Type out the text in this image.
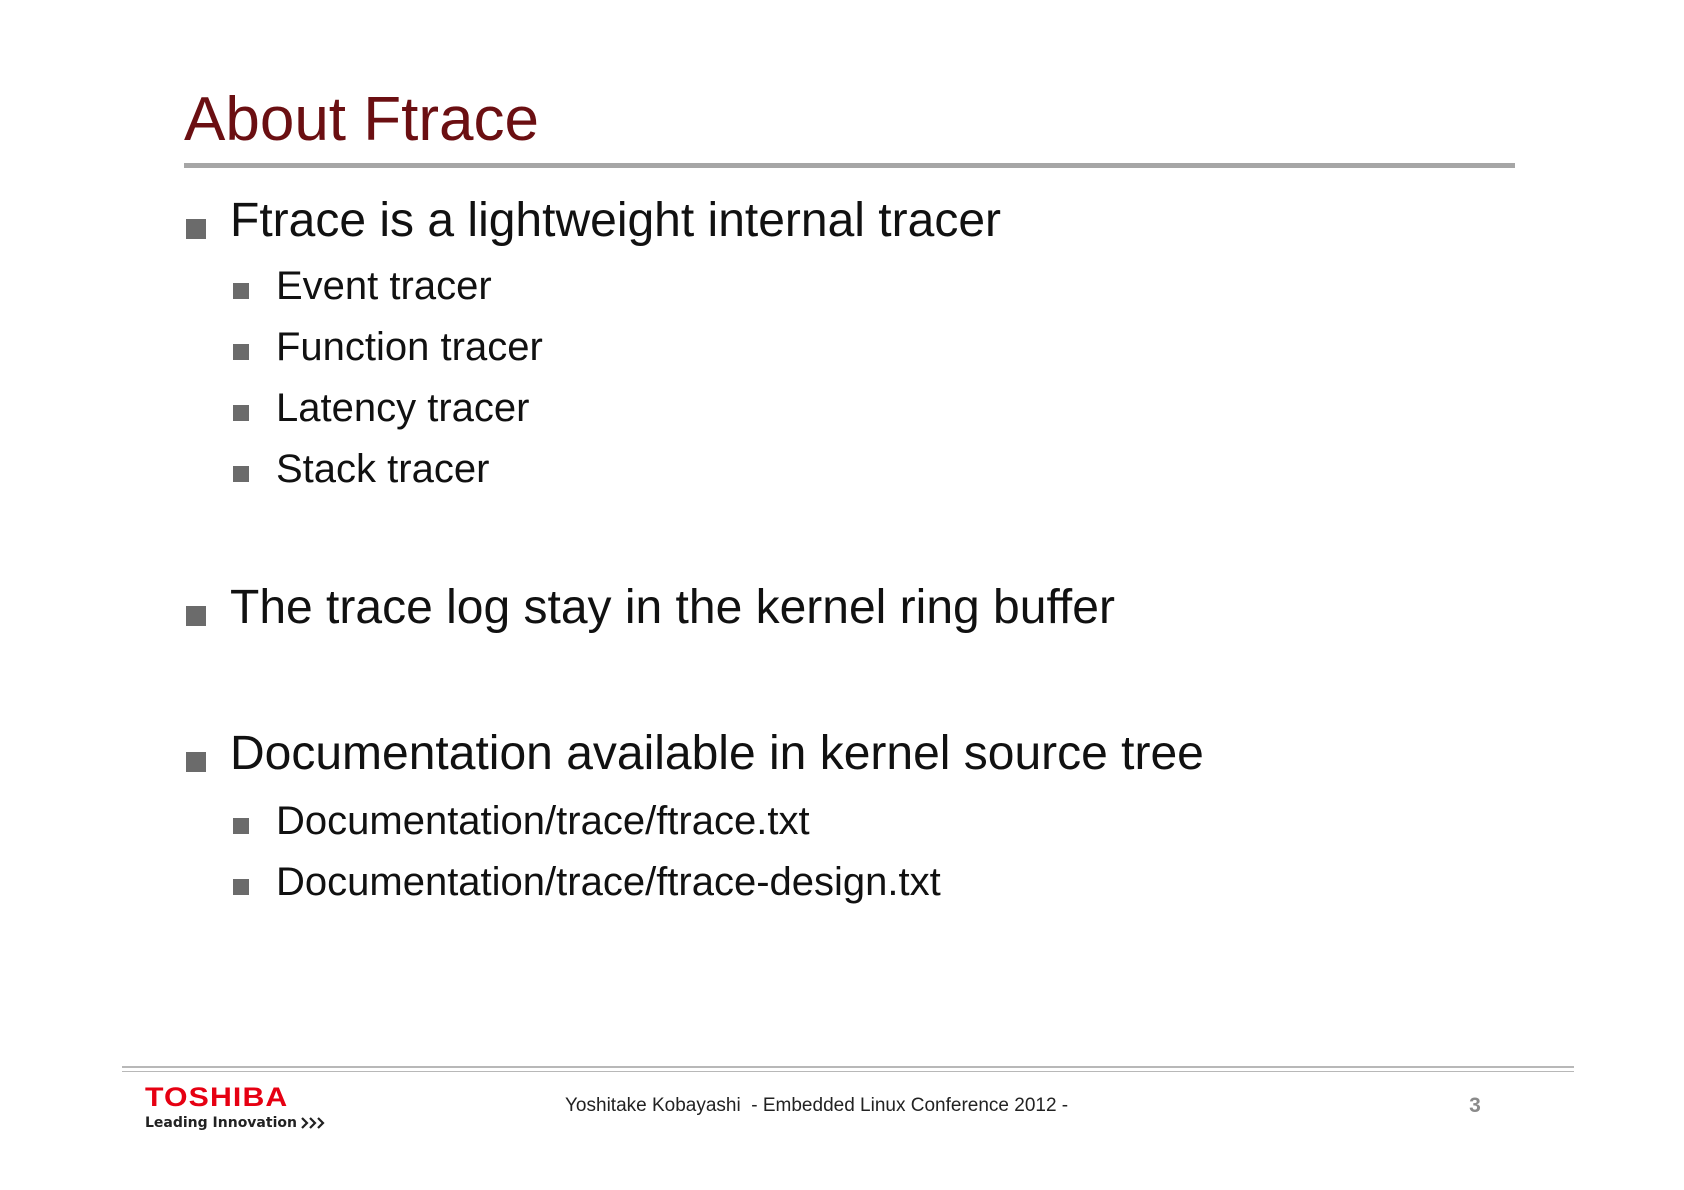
About Ftrace
Ftrace is a lightweight internal tracer
Event tracer
Function tracer
Latency tracer
Stack tracer
The trace log stay in the kernel ring buffer
Documentation available in kernel source tree
Documentation/trace/ftrace.txt
Documentation/trace/ftrace-design.txt
TOSHIBA
Leading Innovation
Yoshitake Kobayashi  - Embedded Linux Conference 2012 -	3
